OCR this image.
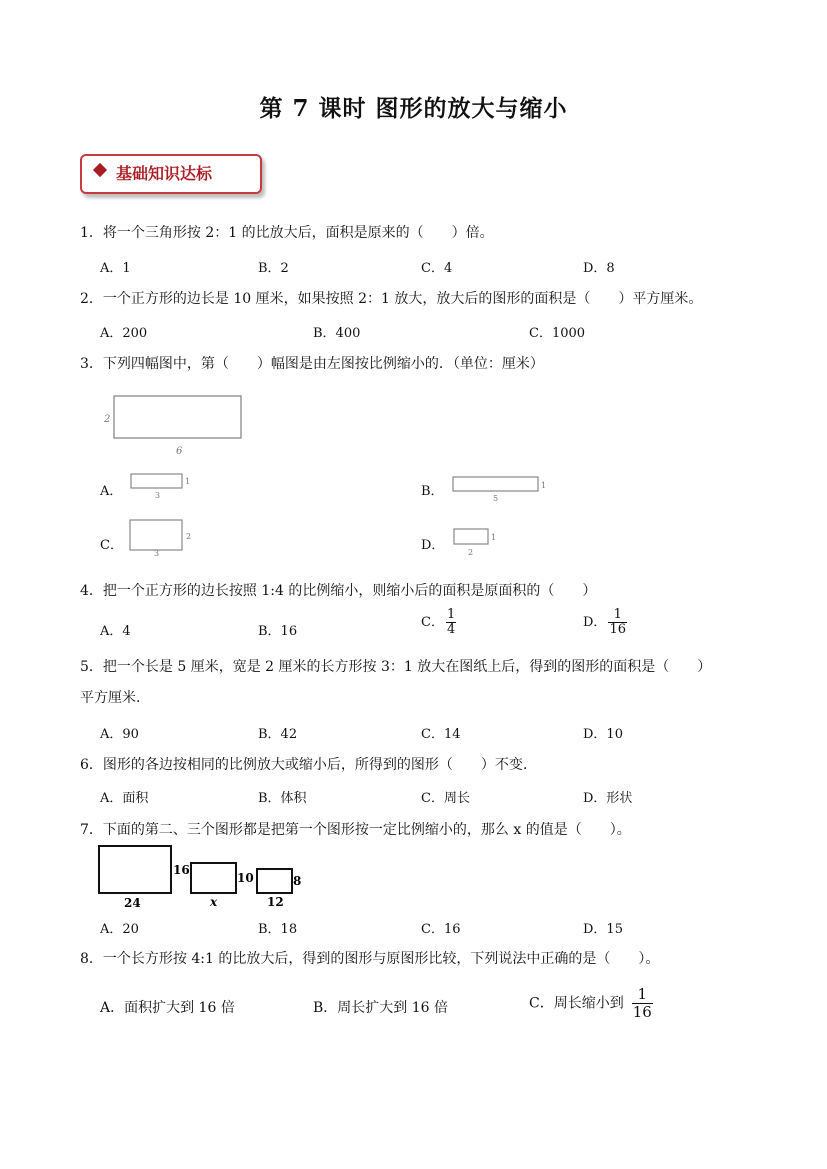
第 7 课时 图形的放大与缩小
基础知识达标
1．将一个三角形按 2：1 的比放大后，面积是原来的（　　）倍。
A．1	B．2	C．4	D．8
2．一个正方形的边长是 10 厘米，如果按照 2：1 放大，放大后的图形的面积是（　　）平方厘米。
A．200	B．400	C．1000
3．下列四幅图中，第（　　）幅图是由左图按比例缩小的．（单位：厘米）
2
6
A．
1
3	B．	1
5
C．
2
3
D．
1
2
4．把一个正方形的边长按照 1:4 的比例缩小，则缩小后的面积是原面积的（　　）
A．4	B．16
C． $\frac{1}{4}$	D． $\frac{1}{16}$
5．把一个长是 5 厘米，宽是 2 厘米的长方形按 3：1 放大在图纸上后，得到的图形的面积是（　　）
平方厘米.
A．90	B．42	C．14	D．10
6．图形的各边按相同的比例放大或缩小后，所得到的图形（　　）不变.
A．面积	B．体积	C．周长	D．形状
7．下面的第二、三个图形都是把第一个图形按一定比例缩小的，那么 x 的值是（　　）。
16
24
10
x
8
12
A．20	B．18	C．16	D．15
8．一个长方形按 4:1 的比放大后，得到的图形与原图形比较，下列说法中正确的是（　　）。
A．面积扩大到 16 倍	B．周长扩大到 16 倍	C．周长缩小到 $\frac{1}{16}$
